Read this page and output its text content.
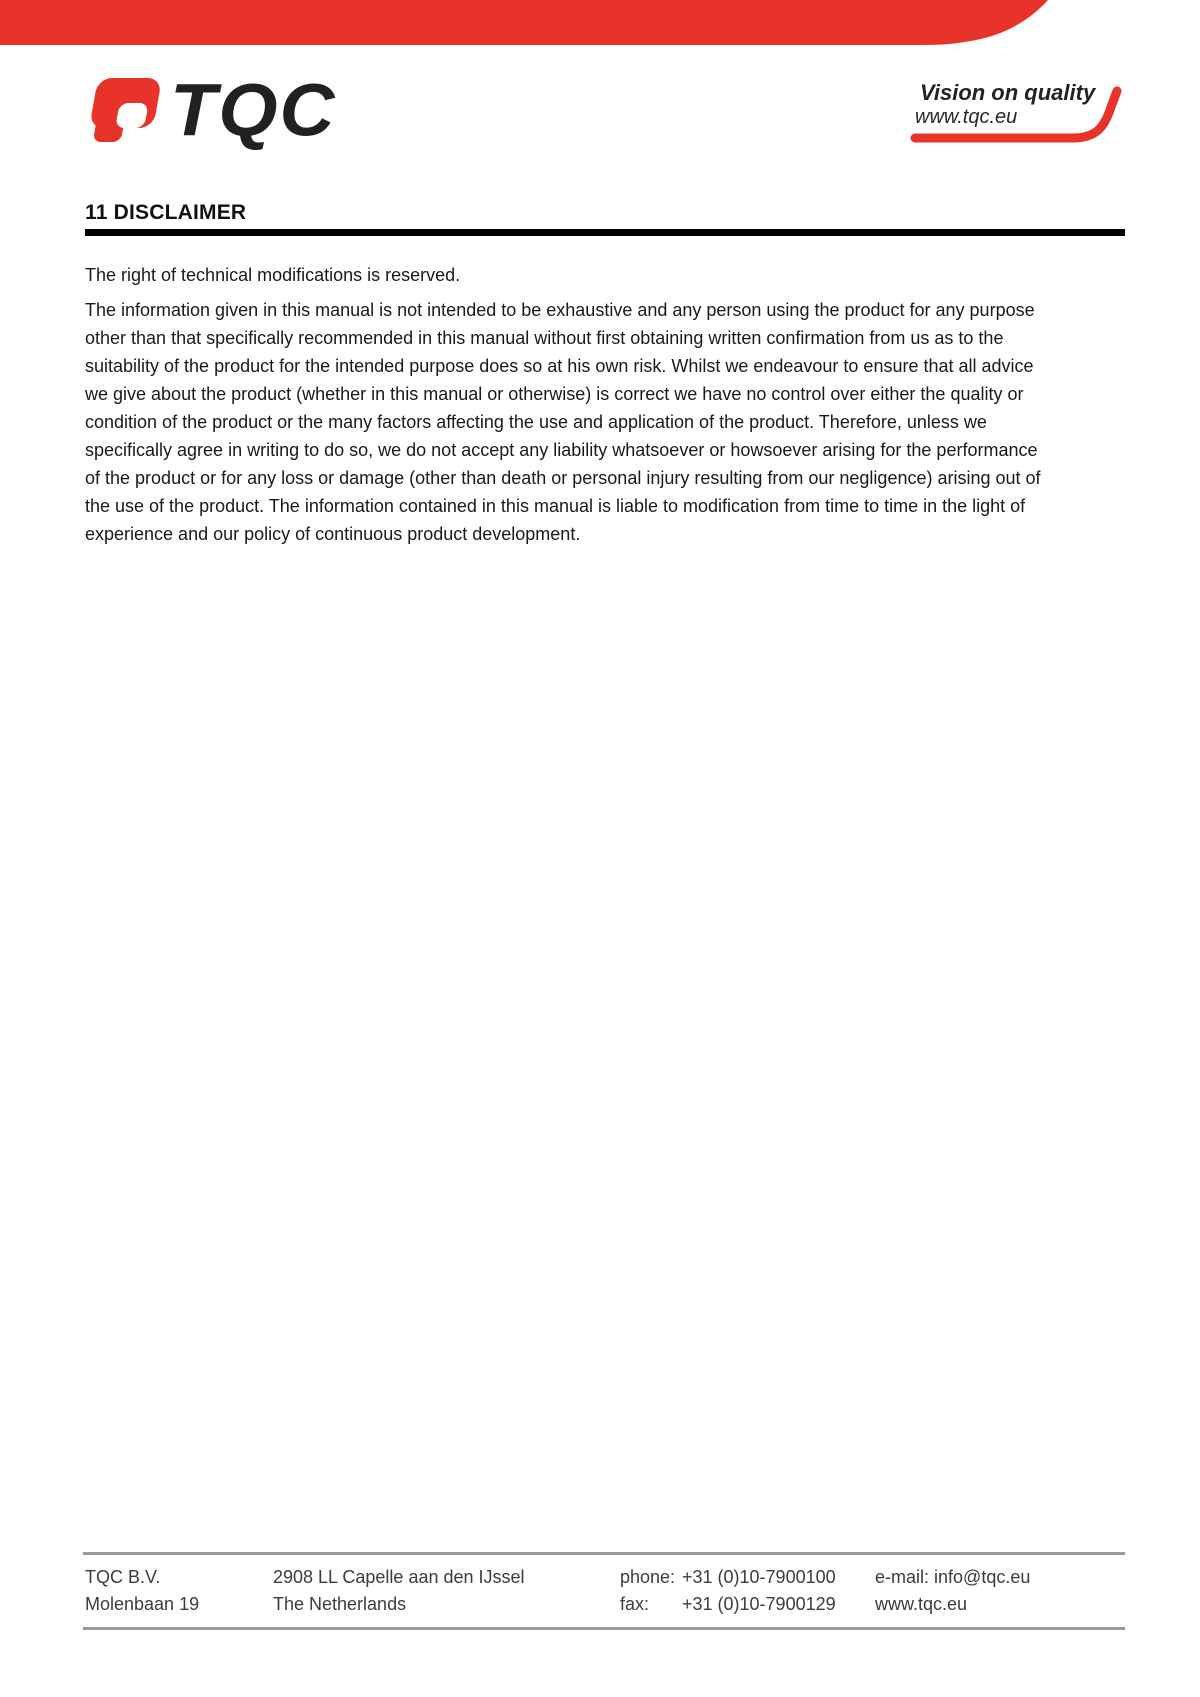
TQC	Vision on quality
www.tqc.eu
11 DISCLAIMER
The right of technical modifications is reserved.

The information given in this manual is not intended to be exhaustive and any person using the product for any purpose other than that specifically recommended in this manual without first obtaining written confirmation from us as to the suitability of the product for the intended purpose does so at his own risk. Whilst we endeavour to ensure that all advice we give about the product (whether in this manual or otherwise) is correct we have no control over either the quality or condition of the product or the many factors affecting the use and application of the product. Therefore, unless we specifically agree in writing to do so, we do not accept any liability whatsoever or howsoever arising for the performance of the product or for any loss or damage (other than death or personal injury resulting from our negligence) arising out of the use of the product. The information contained in this manual is liable to modification from time to time in the light of experience and our policy of continuous product development.

TQC B.V.
Molenbaan 19
2908 LL Capelle aan den IJssel
The Netherlands
phone: +31 (0)10-7900100
fax: +31 (0)10-7900129
e-mail: info@tqc.eu
www.tqc.eu
